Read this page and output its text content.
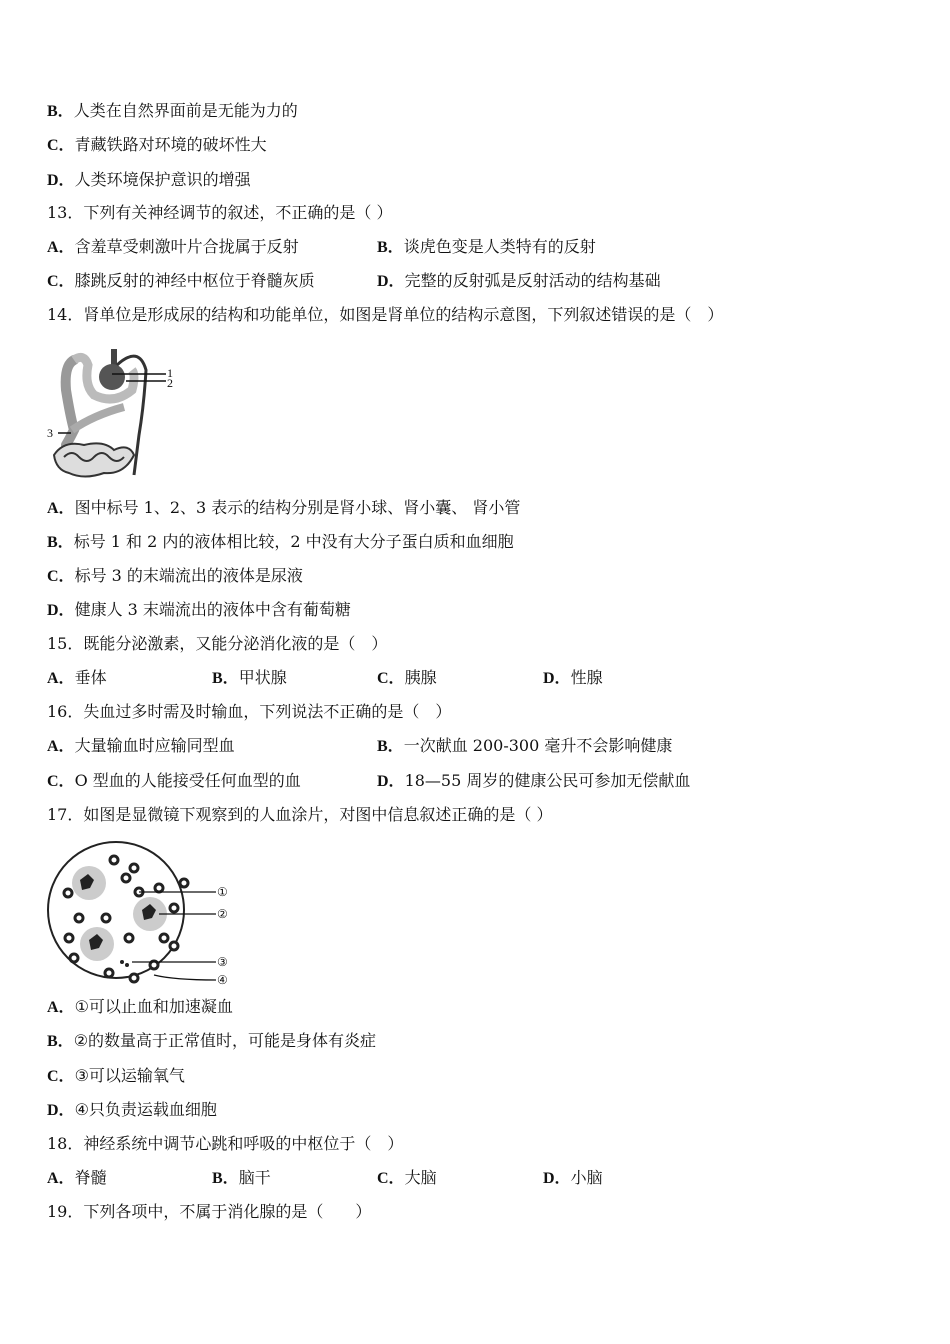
B．人类在自然界面前是无能为力的
C．青藏铁路对环境的破坏性大
D．人类环境保护意识的增强
13．下列有关神经调节的叙述，不正确的是（ ）
A．含羞草受刺激叶片合拢属于反射	B．谈虎色变是人类特有的反射
C．膝跳反射的神经中枢位于脊髓灰质	D．完整的反射弧是反射活动的结构基础
14．肾单位是形成尿的结构和功能单位，如图是肾单位的结构示意图，下列叙述错误的是（　）
1
2
3
A．图中标号 1、2、3 表示的结构分别是肾小球、肾小囊、 肾小管
B．标号 1 和 2 内的液体相比较，2 中没有大分子蛋白质和血细胞
C．标号 3 的末端流出的液体是尿液
D．健康人 3 末端流出的液体中含有葡萄糖
15．既能分泌激素，又能分泌消化液的是（　）
A．垂体	B．甲状腺	C．胰腺	D．性腺
16．失血过多时需及时输血，下列说法不正确的是（　）
A．大量输血时应输同型血	B．一次献血 200-300 毫升不会影响健康
C．O 型血的人能接受任何血型的血	D．18—55 周岁的健康公民可参加无偿献血
17．如图是显微镜下观察到的人血涂片，对图中信息叙述正确的是（ ）
①
②
③
④
A．①可以止血和加速凝血
B．②的数量高于正常值时，可能是身体有炎症
C．③可以运输氧气
D．④只负责运载血细胞
18．神经系统中调节心跳和呼吸的中枢位于（　）
A．脊髓	B．脑干	C．大脑	D．小脑
19．下列各项中，不属于消化腺的是（　　）
